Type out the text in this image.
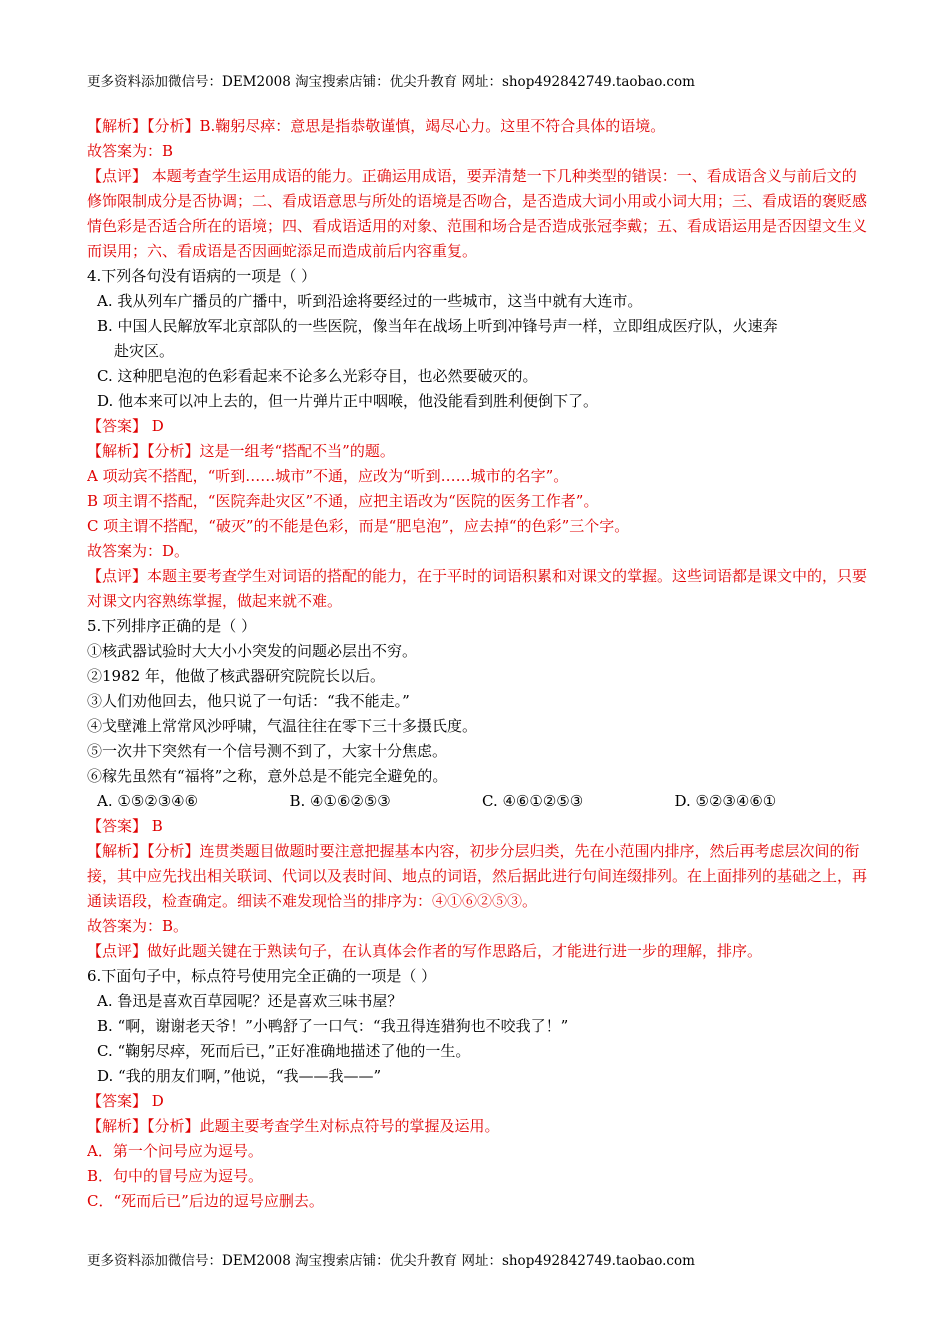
更多资料添加微信号：DEM2008 淘宝搜索店铺：优尖升教育 网址：shop492842749.taobao.com
【解析】【分析】B.鞠躬尽瘁：意思是指恭敬谨慎，竭尽心力。这里不符合具体的语境。
故答案为：B
【点评】 本题考查学生运用成语的能力。正确运用成语，要弄清楚一下几种类型的错误：一、看成语含义与前后文的修饰限制成分是否协调；二、看成语意思与所处的语境是否吻合，是否造成大词小用或小词大用；三、看成语的褒贬感情色彩是否适合所在的语境；四、看成语适用的对象、范围和场合是否造成张冠李戴；五、看成语运用是否因望文生义而误用；六、看成语是否因画蛇添足而造成前后内容重复。
4.下列各句没有语病的一项是（ ）
A. 我从列车广播员的广播中，听到沿途将要经过的一些城市，这当中就有大连市。
B. 中国人民解放军北京部队的一些医院，像当年在战场上听到冲锋号声一样，立即组成医疗队，火速奔
赴灾区。
C. 这种肥皂泡的色彩看起来不论多么光彩夺目，也必然要破灭的。
D. 他本来可以冲上去的，但一片弹片正中咽喉，他没能看到胜利便倒下了。
【答案】 D
【解析】【分析】这是一组考“搭配不当”的题。
A 项动宾不搭配，“听到……城市”不通，应改为“听到……城市的名字”。
B 项主谓不搭配，“医院奔赴灾区”不通，应把主语改为“医院的医务工作者”。
C 项主谓不搭配，“破灭”的不能是色彩，而是“肥皂泡”，应去掉“的色彩”三个字。
故答案为：D。
【点评】本题主要考查学生对词语的搭配的能力，在于平时的词语积累和对课文的掌握。这些词语都是课文中的，只要对课文内容熟练掌握，做起来就不难。
5.下列排序正确的是（ ）
①核武器试验时大大小小突发的问题必层出不穷。
②1982 年，他做了核武器研究院院长以后。
③人们劝他回去，他只说了一句话：“我不能走。”
④戈壁滩上常常风沙呼啸，气温往往在零下三十多摄氏度。
⑤一次井下突然有一个信号测不到了，大家十分焦虑。
⑥稼先虽然有“福将”之称，意外总是不能完全避免的。
A. ①⑤②③④⑥	B. ④①⑥②⑤③	C. ④⑥①②⑤③	D. ⑤②③④⑥①
【答案】 B
【解析】【分析】连贯类题目做题时要注意把握基本内容，初步分层归类，先在小范围内排序，然后再考虑层次间的衔接，其中应先找出相关联词、代词以及表时间、地点的词语，然后据此进行句间连缀排列。在上面排列的基础之上，再通读语段，检查确定。细读不难发现恰当的排序为：④①⑥②⑤③。
故答案为：B。
【点评】做好此题关键在于熟读句子，在认真体会作者的写作思路后，才能进行进一步的理解，排序。
6.下面句子中，标点符号使用完全正确的一项是（ ）
A. 鲁迅是喜欢百草园呢？还是喜欢三味书屋？
B. “啊，谢谢老天爷！”小鸭舒了一口气：“我丑得连猎狗也不咬我了！”
C. “鞠躬尽瘁，死而后已，”正好准确地描述了他的一生。
D. “我的朋友们啊，”他说，“我——我——”
【答案】 D
【解析】【分析】此题主要考查学生对标点符号的掌握及运用。
A．第一个问号应为逗号。
B．句中的冒号应为逗号。
C．“死而后已”后边的逗号应删去。
更多资料添加微信号：DEM2008 淘宝搜索店铺：优尖升教育 网址：shop492842749.taobao.com
